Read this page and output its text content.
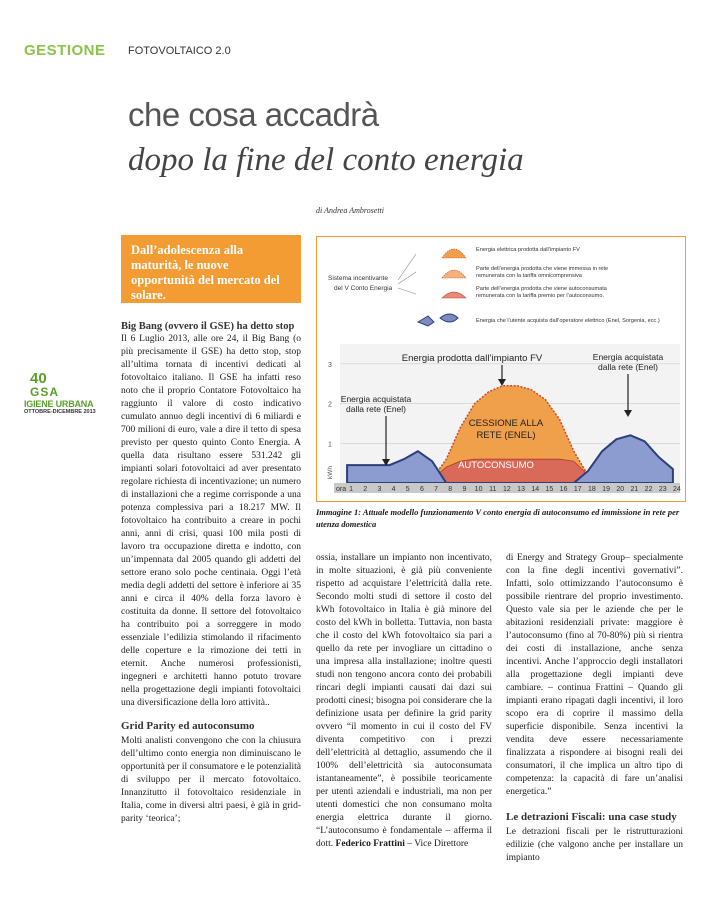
GESTIONE FOTOVOLTAICO 2.0
che cosa accadrà
dopo la fine del conto energia
di Andrea Ambrosetti
Dall’adolescenza alla maturità, le nuove opportunità del mercato del solare.
40
GSA
IGIENE URBANA
OTTOBRE-DICEMBRE 2013
Sistema incentivante del V Conto Energia
Energia elettrica prodotta dall’impianto FV
Parte dell’energia prodotta che viene immessa in rete remunerata con la tariffa omnicomprensiva
Parte dell’energia prodotta che viene autoconsumata remunerata con la tariffa premio per l’autoconsumo.
Energia che l’utente acquista dall’operatore elettrico (Enel, Sorgenia, ecc.)
1
2
3
ora 1 2 3 4 5 6 7 8 9 10 11 12 13 14 15 16 17 18 19 20 21 22 23 24
kWh
Energia prodotta dall’impianto FV	Energia acquistata
dalla rete (Enel)
Energia acquistata
dalla rete (Enel)
CESSIONE ALLA
RETE (ENEL)
AUTOCONSUMO
Immagine 1: Attuale modello funzionamento V conto energia di autoconsumo ed immissione in rete per utenza domestica
Big Bang (ovvero il GSE) ha detto stop

Il 6 Luglio 2013, alle ore 24, il Big Bang (o più precisamente il GSE) ha detto stop, stop all’ultima tornata di incentivi dedicati al fotovoltaico italiano. Il GSE ha infatti reso noto che il proprio Contatore Fotovoltaico ha raggiunto il valore di costo indicativo cumulato annuo degli incentivi di 6 miliardi e 700 milioni di euro, vale a dire il tetto di spesa previsto per questo quinto Conto Energia. A quella data risultano essere 531.242 gli impianti solari fotovoltaici ad aver presentato regolare richiesta di incentivazione; un numero di installazioni che a regime corrisponde a una potenza complessiva pari a 18.217 MW. Il fotovoltaico ha contribuito a creare in pochi anni, anni di crisi, quasi 100 mila posti di lavoro tra occupazione diretta e indotto, con un’impennata dal 2005 quando gli addetti del settore erano solo poche centinaia. Oggi l’età media degli addetti del settore è inferiore ai 35 anni e circa il 40% della forza lavoro è costituita da donne. Il settore del fotovoltaico ha contribuito poi a sorreggere in modo essenziale l’edilizia stimolando il rifacimento delle coperture e la rimozione dei tetti in eternit. Anche numerosi professionisti, ingegneri e architetti hanno potuto trovare nella progettazione degli impianti fotovoltaici una diversificazione della loro attività..

Grid Parity ed autoconsumo

Molti analisti convengono che con la chiusura dell’ultimo conto energia non diminuiscano le opportunità per il consumatore e le potenzialità di sviluppo per il mercato fotovoltaico. Innanzitutto il fotovoltaico residenziale in Italia, come in diversi altri paesi, è già in grid-parity ‘teorica’;

ossia, installare un impianto non incentivato, in molte situazioni, è già più conveniente rispetto ad acquistare l’elettricità dalla rete. Secondo molti studi di settore il costo del kWh fotovoltaico in Italia è già minore del costo del kWh in bolletta. Tuttavia, non basta che il costo del kWh fotovoltaico sia pari a quello da rete per invogliare un cittadino o una impresa alla installazione; inoltre questi studi non tengono ancora conto dei probabili rincari degli impianti causati dai dazi sui prodotti cinesi; bisogna poi considerare che la definizione usata per definire la grid parity ovvero “il momento in cui il costo del FV diventa competitivo con i prezzi dell’elettricità al dettaglio, assumendo che il 100% dell’elettricità sia autoconsumata istantaneamente”, è possibile teoricamente per utenti aziendali e industriali, ma non per utenti domestici che non consumano molta energia elettrica durante il giorno. “L’autoconsumo è fondamentale – afferma il dott. Federico Frattini – Vice Direttore

di Energy and Strategy Group– specialmente con la fine degli incentivi governativi”. Infatti, solo ottimizzando l’autoconsumo è possibile rientrare del proprio investimento. Questo vale sia per le aziende che per le abitazioni residenziali private: maggiore è l’autoconsumo (fino al 70-80%) più si rientra dei costi di installazione, anche senza incentivi. Anche l’approccio degli installatori alla progettazione degli impianti deve cambiare. – continua Frattini – Quando gli impianti erano ripagati dagli incentivi, il loro scopo era di coprire il massimo della superficie disponibile. Senza incentivi la vendita deve essere necessariamente finalizzata a rispondere ai bisogni reali dei consumatori, il che implica un altro tipo di competenza: la capacità di fare un’analisi energetica.”

Le detrazioni Fiscali: una case study

Le detrazioni fiscali per le ristrutturazioni edilizie (che valgono anche per installare un impianto
